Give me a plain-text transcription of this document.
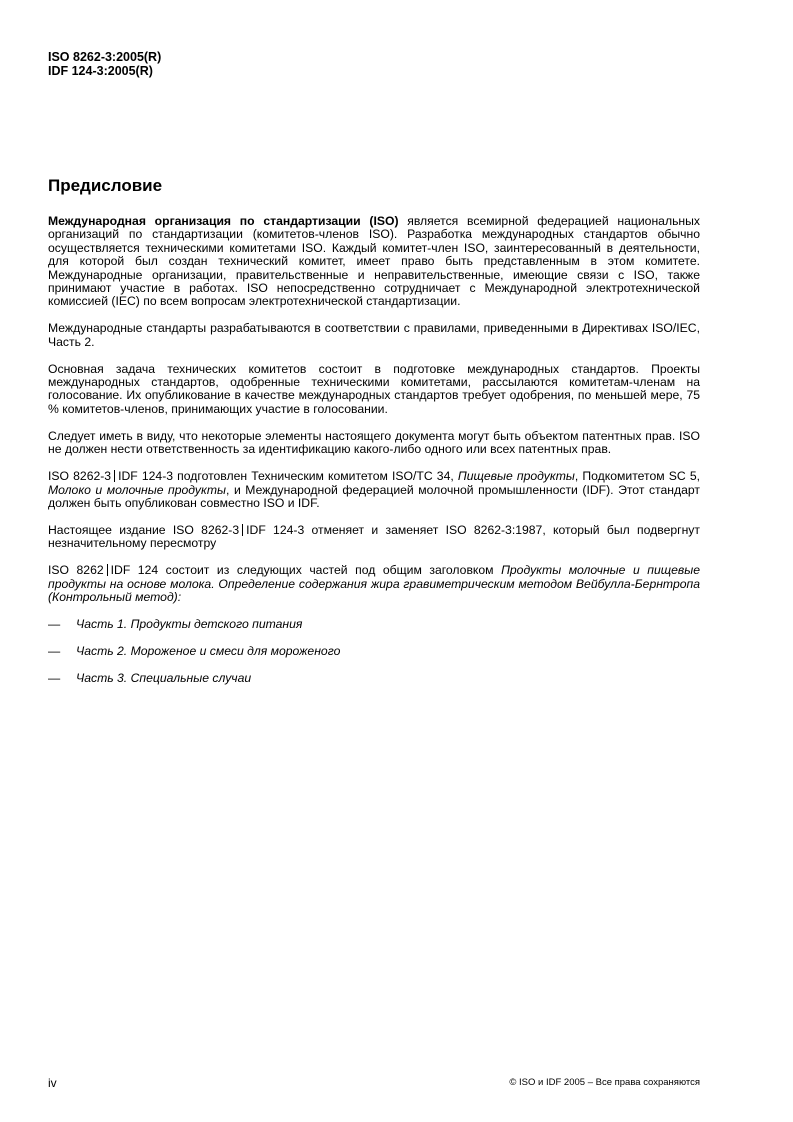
ISO 8262-3:2005(R)
IDF 124-3:2005(R)
Предисловие

Международная организация по стандартизации (ISO) является всемирной федерацией национальных организаций по стандартизации (комитетов-членов ISO). Разработка международных стандартов обычно осуществляется техническими комитетами ISO. Каждый комитет-член ISO, заинтересованный в деятельности, для которой был создан технический комитет, имеет право быть представленным в этом комитете. Международные организации, правительственные и неправительственные, имеющие связи с ISO, также принимают участие в работах. ISO непосредственно сотрудничает с Международной электротехнической комиссией (IEC) по всем вопросам электротехнической стандартизации.

Международные стандарты разрабатываются в соответствии с правилами, приведенными в Директивах ISO/IEC, Часть 2.

Основная задача технических комитетов состоит в подготовке международных стандартов. Проекты международных стандартов, одобренные техническими комитетами, рассылаются комитетам-членам на голосование. Их опубликование в качестве международных стандартов требует одобрения, по меньшей мере, 75 % комитетов-членов, принимающих участие в голосовании.

Следует иметь в виду, что некоторые элементы настоящего документа могут быть объектом патентных прав. ISO не должен нести ответственность за идентификацию какого-либо одного или всех патентных прав.

ISO 8262-3 IDF 124-3 подготовлен Техническим комитетом ISO/TC 34, Пищевые продукты, Подкомитетом SC 5, Молоко и молочные продукты, и Международной федерацией молочной промышленности (IDF). Этот стандарт должен быть опубликован совместно ISO и IDF.

Настоящее издание ISO 8262-3 IDF 124-3 отменяет и заменяет ISO 8262-3:1987, который был подвергнут незначительному пересмотру

ISO 8262 IDF 124 состоит из следующих частей под общим заголовком Продукты молочные и пищевые продукты на основе молока. Определение содержания жира гравиметрическим методом Вейбулла-Бернтропа (Контрольный метод):

—	Часть 1. Продукты детского питания
—	Часть 2. Мороженое и смеси для мороженого
—	Часть 3. Специальные случаи
iv	© ISO и IDF 2005 – Все права сохраняются
